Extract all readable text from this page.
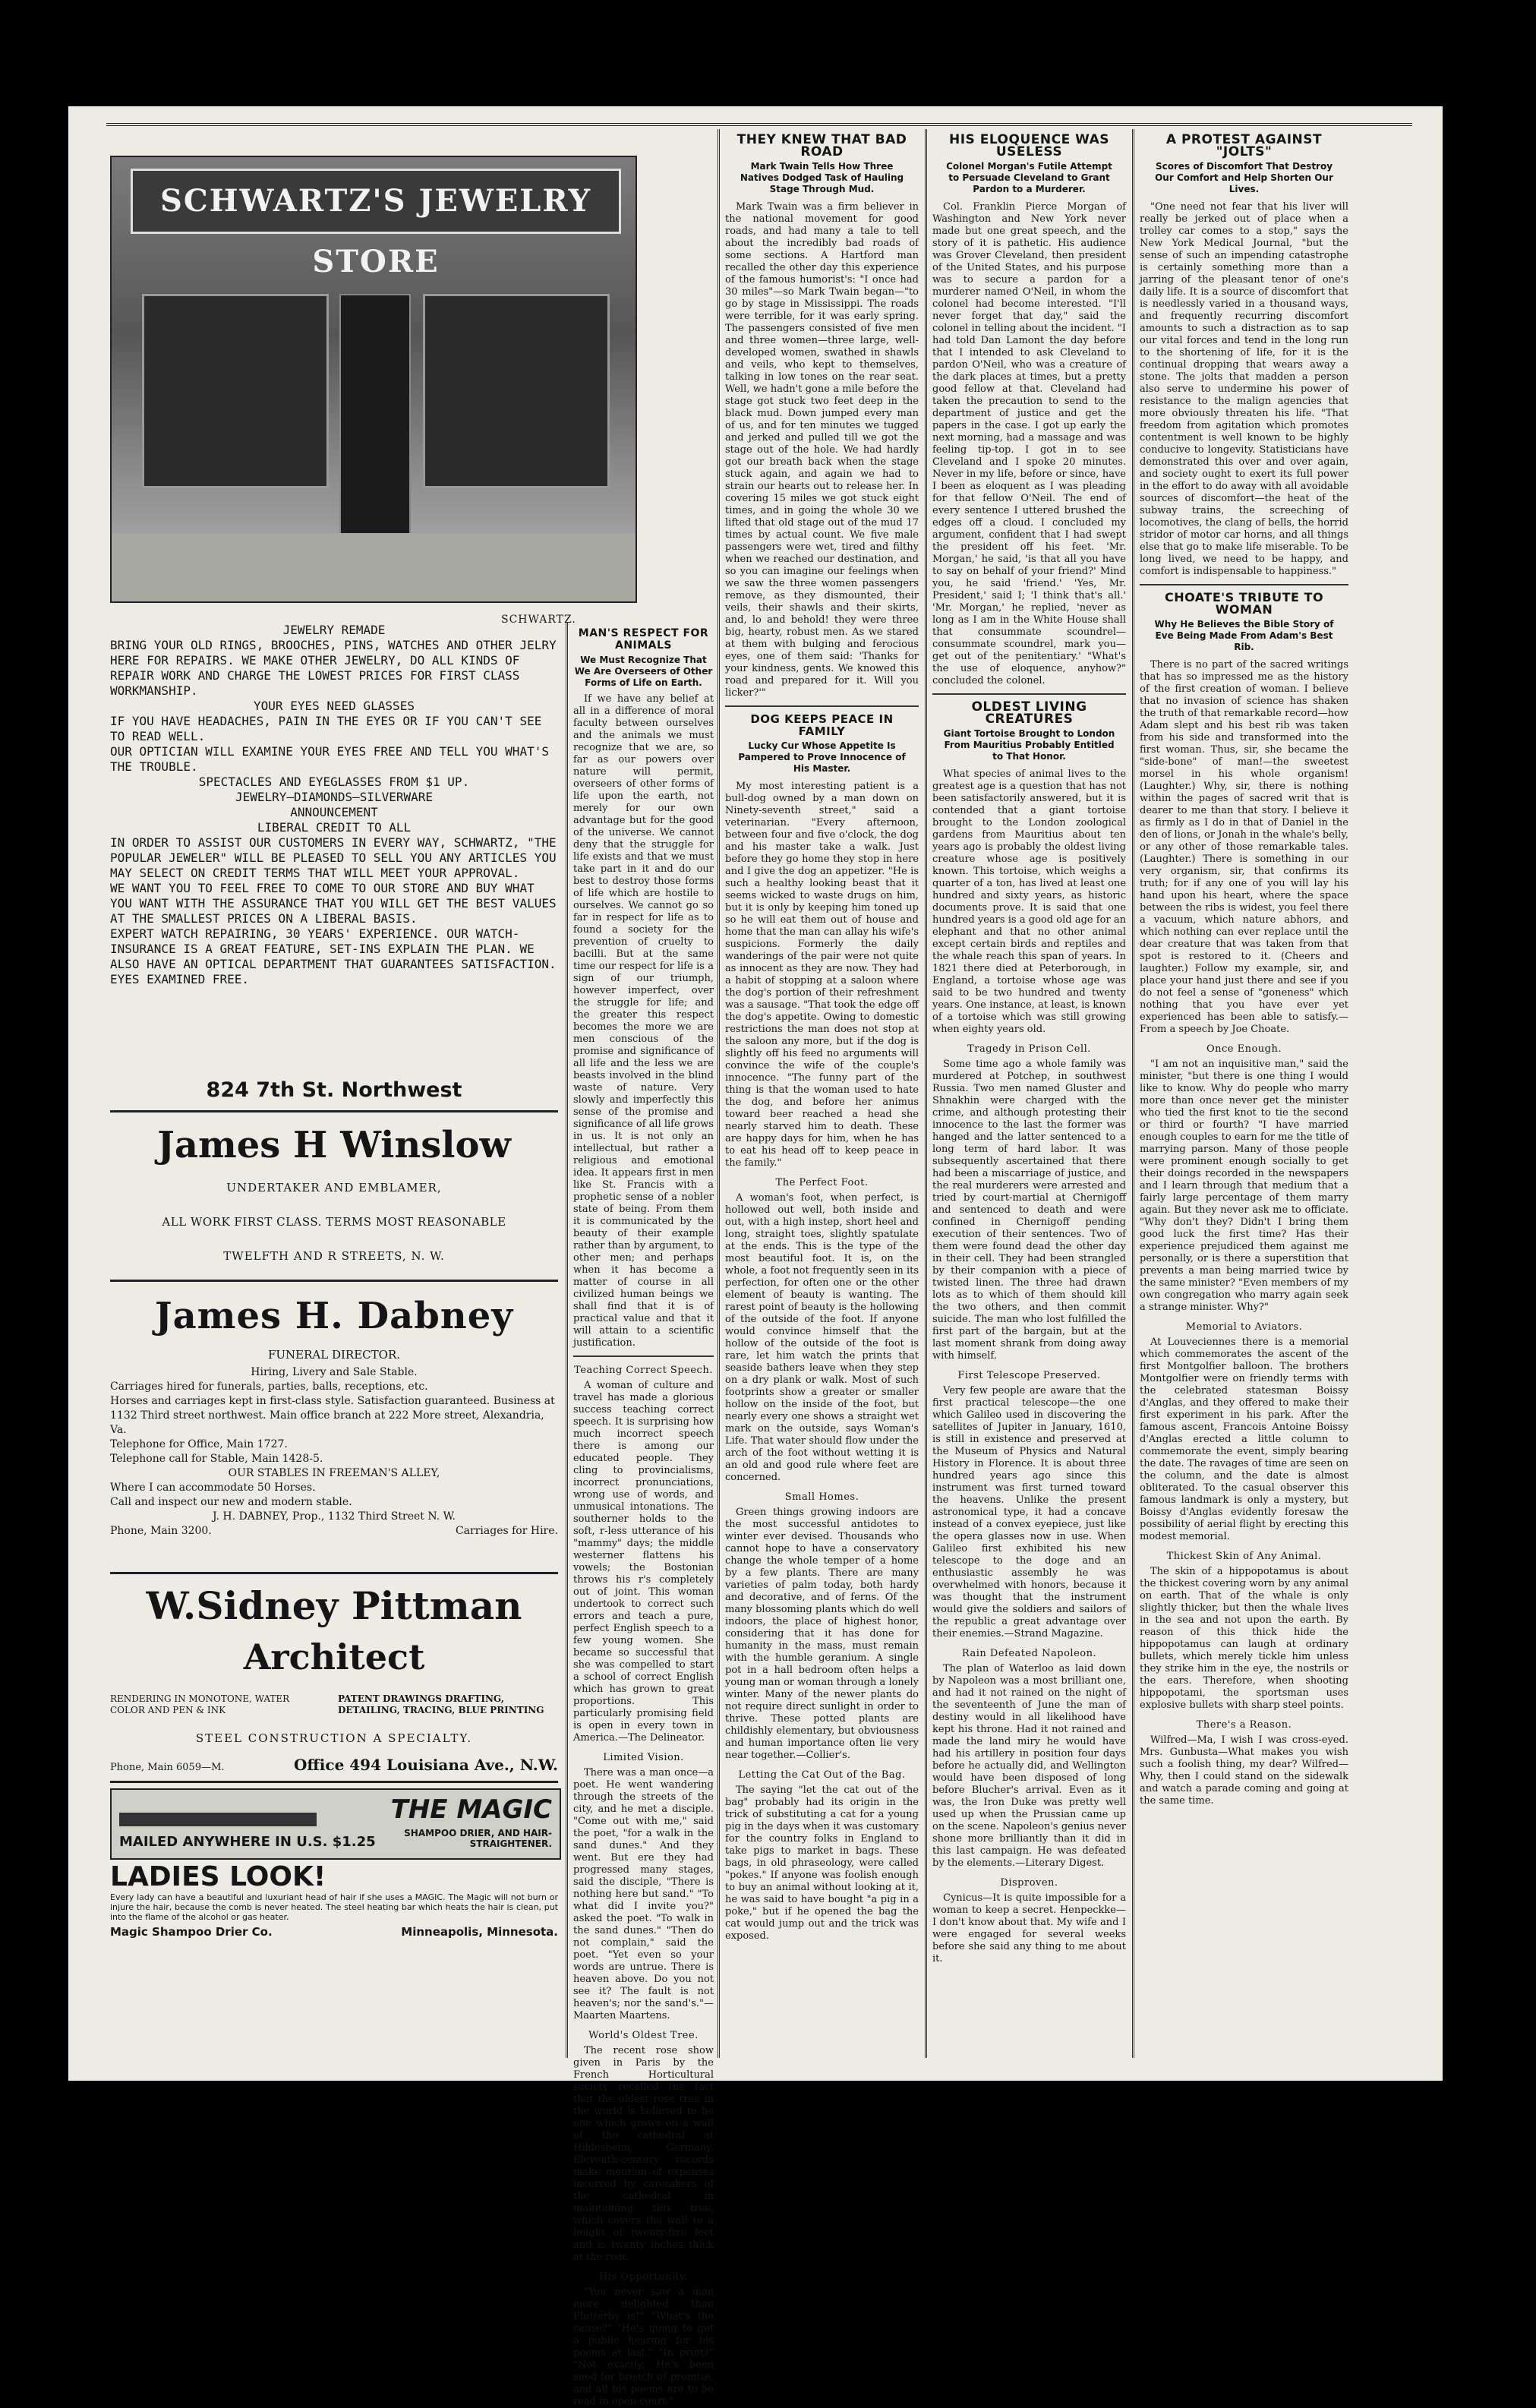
SCHWARTZ'S JEWELRY STORE
SCHWARTZ.
JEWELRY REMADE
BRING YOUR OLD RINGS, BROOCHES, PINS, WATCHES AND OTHER JELRY HERE FOR REPAIRS. WE MAKE OTHER JEWELRY, DO ALL KINDS OF REPAIR WORK AND CHARGE THE LOWEST PRICES FOR FIRST CLASS WORKMANSHIP.
YOUR EYES NEED GLASSES
IF YOU HAVE HEADACHES, PAIN IN THE EYES OR IF YOU CAN'T SEE TO READ WELL.
OUR OPTICIAN WILL EXAMINE YOUR EYES FREE AND TELL YOU WHAT'S THE TROUBLE.
SPECTACLES AND EYEGLASSES FROM $1 UP.
JEWELRY—DIAMONDS—SILVERWARE
ANNOUNCEMENT
LIBERAL CREDIT TO ALL
IN ORDER TO ASSIST OUR CUSTOMERS IN EVERY WAY, SCHWARTZ, "THE POPULAR JEWELER" WILL BE PLEASED TO SELL YOU ANY ARTICLES YOU MAY SELECT ON CREDIT TERMS THAT WILL MEET YOUR APPROVAL.
WE WANT YOU TO FEEL FREE TO COME TO OUR STORE AND BUY WHAT YOU WANT WITH THE ASSURANCE THAT YOU WILL GET THE BEST VALUES AT THE SMALLEST PRICES ON A LIBERAL BASIS.
EXPERT WATCH REPAIRING, 30 YEARS' EXPERIENCE. OUR WATCH-INSURANCE IS A GREAT FEATURE, SET-INS EXPLAIN THE PLAN. WE ALSO HAVE AN OPTICAL DEPARTMENT THAT GUARANTEES SATISFACTION. EYES EXAMINED FREE.
824 7th St. Northwest
James H Winslow
UNDERTAKER AND EMBLAMER,
ALL WORK FIRST CLASS. TERMS MOST REASONABLE
TWELFTH AND R STREETS, N. W.
James H. Dabney
FUNERAL DIRECTOR.
Hiring, Livery and Sale Stable.
Carriages hired for funerals, parties, balls, receptions, etc.
Horses and carriages kept in first-class style. Satisfaction guaranteed. Business at 1132 Third street northwest. Main office branch at 222 More street, Alexandria, Va.
Telephone for Office, Main 1727.
Telephone call for Stable, Main 1428-5.
OUR STABLES IN FREEMAN'S ALLEY,
Where I can accommodate 50 Horses.
Call and inspect our new and modern stable.
J. H. DABNEY, Prop., 1132 Third Street N. W.
Phone, Main 3200.	Carriages for Hire.
W.Sidney Pittman
Architect
RENDERING IN MONOTONE, WATER COLOR AND PEN & INK
PATENT DRAWINGS DRAFTING, DETAILING, TRACING, BLUE PRINTING
STEEL CONSTRUCTION A SPECIALTY.
Phone, Main 6059—M.	Office 494 Louisiana Ave., N.W.
THE MAGIC
SHAMPOO DRIER, AND HAIR-STRAIGHTENER.
MAILED ANYWHERE IN U.S. $1.25
LADIES LOOK!
Every lady can have a beautiful and luxuriant head of hair if she uses a MAGIC. The Magic will not burn or injure the hair, because the comb is never heated. The steel heating bar which heats the hair is clean, put into the flame of the alcohol or gas heater.
Magic Shampoo Drier Co.	Minneapolis, Minnesota.
MAN'S RESPECT FOR ANIMALS
We Must Recognize That We Are Overseers of Other Forms of Life on Earth.

If we have any belief at all in a difference of moral faculty between ourselves and the animals we must recognize that we are, so far as our powers over nature will permit, overseers of other forms of life upon the earth, not merely for our own advantage but for the good of the universe. We cannot deny that the struggle for life exists and that we must take part in it and do our best to destroy those forms of life which are hostile to ourselves. We cannot go so far in respect for life as to found a society for the prevention of cruelty to bacilli. But at the same time our respect for life is a sign of our triumph, however imperfect, over the struggle for life; and the greater this respect becomes the more we are men conscious of the promise and significance of all life and the less we are beasts involved in the blind waste of nature. Very slowly and imperfectly this sense of the promise and significance of all life grows in us. It is not only an intellectual, but rather a religious and emotional idea. It appears first in men like St. Francis with a prophetic sense of a nobler state of being. From them it is communicated by the beauty of their example rather than by argument, to other men; and perhaps when it has become a matter of course in all civilized human beings we shall find that it is of practical value and that it will attain to a scientific justification.

Teaching Correct Speech.

A woman of culture and travel has made a glorious success teaching correct speech. It is surprising how much incorrect speech there is among our educated people. They cling to provincialisms, incorrect pronunciations, wrong use of words, and unmusical intonations. The southerner holds to the soft, r-less utterance of his "mammy" days; the middle westerner flattens his vowels; the Bostonian throws his r's completely out of joint. This woman undertook to correct such errors and teach a pure, perfect English speech to a few young women. She became so successful that she was compelled to start a school of correct English which has grown to great proportions. This particularly promising field is open in every town in America.—The Delineator.

Limited Vision.

There was a man once—a poet. He went wandering through the streets of the city, and he met a disciple. "Come out with me," said the poet, "for a walk in the sand dunes." And they went. But ere they had progressed many stages, said the disciple, "There is nothing here but sand." "To what did I invite you?" asked the poet. "To walk in the sand dunes." "Then do not complain," said the poet. "Yet even so your words are untrue. There is heaven above. Do you not see it? The fault is not heaven's; nor the sand's."—Maarten Maartens.

World's Oldest Tree.

The recent rose show given in Paris by the French Horticultural society recalled the fact that the oldest rose tree in the world is believed to be one which grows on a wall of the cathedral at Hildesheim, Germany. Eleventh-century records make mention of expenses incurred by caretakers of the cathedral in maintaining this tree, which covers the wall to a height of twenty-five feet and is twenty inches thick at the root.

His Opportunity.

"You never saw a man more delighted than Flutterby is!" "What's the cause?" "He's going to get a public hearing for his poems at last." "In print?" "Not exactly. He's been sued for breach of promise, and all his poems are to be read in open court."

THEY KNEW THAT BAD ROAD
Mark Twain Tells How Three Natives Dodged Task of Hauling Stage Through Mud.

Mark Twain was a firm believer in the national movement for good roads, and had many a tale to tell about the incredibly bad roads of some sections. A Hartford man recalled the other day this experience of the famous humorist's: "I once had 30 miles"—so Mark Twain began—"to go by stage in Mississippi. The roads were terrible, for it was early spring. The passengers consisted of five men and three women—three large, well-developed women, swathed in shawls and veils, who kept to themselves, talking in low tones on the rear seat. Well, we hadn't gone a mile before the stage got stuck two feet deep in the black mud. Down jumped every man of us, and for ten minutes we tugged and jerked and pulled till we got the stage out of the hole. We had hardly got our breath back when the stage stuck again, and again we had to strain our hearts out to release her. In covering 15 miles we got stuck eight times, and in going the whole 30 we lifted that old stage out of the mud 17 times by actual count. We five male passengers were wet, tired and filthy when we reached our destination, and so you can imagine our feelings when we saw the three women passengers remove, as they dismounted, their veils, their shawls and their skirts, and, lo and behold! they were three big, hearty, robust men. As we stared at them with bulging and ferocious eyes, one of them said: 'Thanks for your kindness, gents. We knowed this road and prepared for it. Will you licker?'"

DOG KEEPS PEACE IN FAMILY
Lucky Cur Whose Appetite Is Pampered to Prove Innocence of His Master.

My most interesting patient is a bull-dog owned by a man down on Ninety-seventh street," said a veterinarian. "Every afternoon, between four and five o'clock, the dog and his master take a walk. Just before they go home they stop in here and I give the dog an appetizer. "He is such a healthy looking beast that it seems wicked to waste drugs on him, but it is only by keeping him toned up so he will eat them out of house and home that the man can allay his wife's suspicions. Formerly the daily wanderings of the pair were not quite as innocent as they are now. They had a habit of stopping at a saloon where the dog's portion of their refreshment was a sausage. "That took the edge off the dog's appetite. Owing to domestic restrictions the man does not stop at the saloon any more, but if the dog is slightly off his feed no arguments will convince the wife of the couple's innocence. "The funny part of the thing is that the woman used to hate the dog, and before her animus toward beer reached a head she nearly starved him to death. These are happy days for him, when he has to eat his head off to keep peace in the family."

The Perfect Foot.

A woman's foot, when perfect, is hollowed out well, both inside and out, with a high instep, short heel and long, straight toes, slightly spatulate at the ends. This is the type of the most beautiful foot. It is, on the whole, a foot not frequently seen in its perfection, for often one or the other element of beauty is wanting. The rarest point of beauty is the hollowing of the outside of the foot. If anyone would convince himself that the hollow of the outside of the foot is rare, let him watch the prints that seaside bathers leave when they step on a dry plank or walk. Most of such footprints show a greater or smaller hollow on the inside of the foot, but nearly every one shows a straight wet mark on the outside, says Woman's Life. That water should flow under the arch of the foot without wetting it is an old and good rule where feet are concerned.

Small Homes.

Green things growing indoors are the most successful antidotes to winter ever devised. Thousands who cannot hope to have a conservatory change the whole temper of a home by a few plants. There are many varieties of palm today, both hardy and decorative, and of ferns. Of the many blossoming plants which do well indoors, the place of highest honor, considering that it has done for humanity in the mass, must remain with the humble geranium. A single pot in a hall bedroom often helps a young man or woman through a lonely winter. Many of the newer plants do not require direct sunlight in order to thrive. These potted plants are childishly elementary, but obviousness and human importance often lie very near together.—Collier's.

Letting the Cat Out of the Bag.

The saying "let the cat out of the bag" probably had its origin in the trick of substituting a cat for a young pig in the days when it was customary for the country folks in England to take pigs to market in bags. These bags, in old phraseology, were called "pokes." If anyone was foolish enough to buy an animal without looking at it, he was said to have bought "a pig in a poke," but if he opened the bag the cat would jump out and the trick was exposed.

HIS ELOQUENCE WAS USELESS
Colonel Morgan's Futile Attempt to Persuade Cleveland to Grant Pardon to a Murderer.

Col. Franklin Pierce Morgan of Washington and New York never made but one great speech, and the story of it is pathetic. His audience was Grover Cleveland, then president of the United States, and his purpose was to secure a pardon for a murderer named O'Neil, in whom the colonel had become interested. "I'll never forget that day," said the colonel in telling about the incident. "I had told Dan Lamont the day before that I intended to ask Cleveland to pardon O'Neil, who was a creature of the dark places at times, but a pretty good fellow at that. Cleveland had taken the precaution to send to the department of justice and get the papers in the case. I got up early the next morning, had a massage and was feeling tip-top. I got in to see Cleveland and I spoke 20 minutes. Never in my life, before or since, have I been as eloquent as I was pleading for that fellow O'Neil. The end of every sentence I uttered brushed the edges off a cloud. I concluded my argument, confident that I had swept the president off his feet. 'Mr. Morgan,' he said, 'is that all you have to say on behalf of your friend?' Mind you, he said 'friend.' 'Yes, Mr. President,' said I; 'I think that's all.' 'Mr. Morgan,' he replied, 'never as long as I am in the White House shall that consummate scoundrel—consummate scoundrel, mark you—get out of the penitentiary.' "What's the use of eloquence, anyhow?" concluded the colonel.

OLDEST LIVING CREATURES
Giant Tortoise Brought to London From Mauritius Probably Entitled to That Honor.

What species of animal lives to the greatest age is a question that has not been satisfactorily answered, but it is contended that a giant tortoise brought to the London zoological gardens from Mauritius about ten years ago is probably the oldest living creature whose age is positively known. This tortoise, which weighs a quarter of a ton, has lived at least one hundred and sixty years, as historic documents prove. It is said that one hundred years is a good old age for an elephant and that no other animal except certain birds and reptiles and the whale reach this span of years. In 1821 there died at Peterborough, in England, a tortoise whose age was said to be two hundred and twenty years. One instance, at least, is known of a tortoise which was still growing when eighty years old.

Tragedy in Prison Cell.

Some time ago a whole family was murdered at Potchep, in southwest Russia. Two men named Gluster and Shnakhin were charged with the crime, and although protesting their innocence to the last the former was hanged and the latter sentenced to a long term of hard labor. It was subsequently ascertained that there had been a miscarriage of justice, and the real murderers were arrested and tried by court-martial at Chernigoff and sentenced to death and were confined in Chernigoff pending execution of their sentences. Two of them were found dead the other day in their cell. They had been strangled by their companion with a piece of twisted linen. The three had drawn lots as to which of them should kill the two others, and then commit suicide. The man who lost fulfilled the first part of the bargain, but at the last moment shrank from doing away with himself.

First Telescope Preserved.

Very few people are aware that the first practical telescope—the one which Galileo used in discovering the satellites of Jupiter in January, 1610, is still in existence and preserved at the Museum of Physics and Natural History in Florence. It is about three hundred years ago since this instrument was first turned toward the heavens. Unlike the present astronomical type, it had a concave instead of a convex eyepiece, just like the opera glasses now in use. When Galileo first exhibited his new telescope to the doge and an enthusiastic assembly he was overwhelmed with honors, because it was thought that the instrument would give the soldiers and sailors of the republic a great advantage over their enemies.—Strand Magazine.

Rain Defeated Napoleon.

The plan of Waterloo as laid down by Napoleon was a most brilliant one, and had it not rained on the night of the seventeenth of June the man of destiny would in all likelihood have kept his throne. Had it not rained and made the land miry he would have had his artillery in position four days before he actually did, and Wellington would have been disposed of long before Blucher's arrival. Even as it was, the Iron Duke was pretty well used up when the Prussian came up on the scene. Napoleon's genius never shone more brilliantly than it did in this last campaign. He was defeated by the elements.—Literary Digest.

Disproven.

Cynicus—It is quite impossible for a woman to keep a secret. Henpeckke—I don't know about that. My wife and I were engaged for several weeks before she said any thing to me about it.

A PROTEST AGAINST "JOLTS"
Scores of Discomfort That Destroy Our Comfort and Help Shorten Our Lives.

"One need not fear that his liver will really be jerked out of place when a trolley car comes to a stop," says the New York Medical Journal, "but the sense of such an impending catastrophe is certainly something more than a jarring of the pleasant tenor of one's daily life. It is a source of discomfort that is needlessly varied in a thousand ways, and frequently recurring discomfort amounts to such a distraction as to sap our vital forces and tend in the long run to the shortening of life, for it is the continual dropping that wears away a stone. The jolts that madden a person also serve to undermine his power of resistance to the malign agencies that more obviously threaten his life. "That freedom from agitation which promotes contentment is well known to be highly conducive to longevity. Statisticians have demonstrated this over and over again, and society ought to exert its full power in the effort to do away with all avoidable sources of discomfort—the heat of the subway trains, the screeching of locomotives, the clang of bells, the horrid stridor of motor car horns, and all things else that go to make life miserable. To be long lived, we need to be happy, and comfort is indispensable to happiness."

CHOATE'S TRIBUTE TO WOMAN
Why He Believes the Bible Story of Eve Being Made From Adam's Best Rib.

There is no part of the sacred writings that has so impressed me as the history of the first creation of woman. I believe that no invasion of science has shaken the truth of that remarkable record—how Adam slept and his best rib was taken from his side and transformed into the first woman. Thus, sir, she became the "side-bone" of man!—the sweetest morsel in his whole organism! (Laughter.) Why, sir, there is nothing within the pages of sacred writ that is dearer to me than that story. I believe it as firmly as I do in that of Daniel in the den of lions, or Jonah in the whale's belly, or any other of those remarkable tales. (Laughter.) There is something in our very organism, sir, that confirms its truth; for if any one of you will lay his hand upon his heart, where the space between the ribs is widest, you feel there a vacuum, which nature abhors, and which nothing can ever replace until the dear creature that was taken from that spot is restored to it. (Cheers and laughter.) Follow my example, sir, and place your hand just there and see if you do not feel a sense of "goneness" which nothing that you have ever yet experienced has been able to satisfy.—From a speech by Joe Choate.

Once Enough.

"I am not an inquisitive man," said the minister, "but there is one thing I would like to know. Why do people who marry more than once never get the minister who tied the first knot to tie the second or third or fourth? "I have married enough couples to earn for me the title of marrying parson. Many of those people were prominent enough socially to get their doings recorded in the newspapers and I learn through that medium that a fairly large percentage of them marry again. But they never ask me to officiate. "Why don't they? Didn't I bring them good luck the first time? Has their experience prejudiced them against me personally, or is there a superstition that prevents a man being married twice by the same minister? "Even members of my own congregation who marry again seek a strange minister. Why?"

Memorial to Aviators.

At Louveciennes there is a memorial which commemorates the ascent of the first Montgolfier balloon. The brothers Montgolfier were on friendly terms with the celebrated statesman Boissy d'Anglas, and they offered to make their first experiment in his park. After the famous ascent, Francois Antoine Boissy d'Anglas erected a little column to commemorate the event, simply bearing the date. The ravages of time are seen on the column, and the date is almost obliterated. To the casual observer this famous landmark is only a mystery, but Boissy d'Anglas evidently foresaw the possibility of aerial flight by erecting this modest memorial.

Thickest Skin of Any Animal.

The skin of a hippopotamus is about the thickest covering worn by any animal on earth. That of the whale is only slightly thicker, but then the whale lives in the sea and not upon the earth. By reason of this thick hide the hippopotamus can laugh at ordinary bullets, which merely tickle him unless they strike him in the eye, the nostrils or the ears. Therefore, when shooting hippopotami, the sportsman uses explosive bullets with sharp steel points.

There's a Reason.

Wilfred—Ma, I wish I was cross-eyed. Mrs. Gunbusta—What makes you wish such a foolish thing, my dear? Wilfred—Why, then I could stand on the sidewalk and watch a parade coming and going at the same time.
